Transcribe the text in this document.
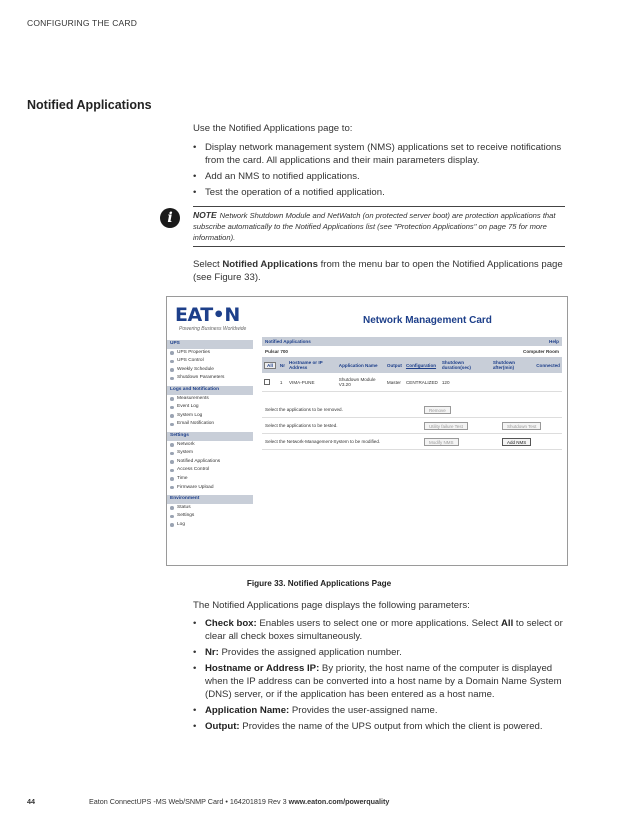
CONFIGURING THE CARD
Notified Applications

Use the Notified Applications page to:

• Display network management system (NMS) applications set to receive notifications from the card. All applications and their main parameters display.
• Add an NMS to notified applications.
• Test the operation of a notified application.
i	NOTE Network Shutdown Module and NetWatch (on protected server boot) are protection applications that subscribe automatically to the Notified Applications list (see "Protection Applications" on page 75 for more information).

Select Notified Applications from the menu bar to open the Notified Applications page (see Figure 33).

EAT•N
Powering Business Worldwide
Network Management Card
UPS
UPS Properties
UPS Control
Weekly Schedule
Shutdown Parameters
Logs and Notification
Measurements
Event Log
System Log
Email Notification
Settings
Network
System
Notified Applications
Access Control
Time
Firmware Upload
Environment
Status
Settings
Log
Notified Applications	Help
Pulsar 700	Computer Room
All	Nr	Hostname or IP Address	Application Name	Output	Configuration	Shutdown duration(sec)	Shutdown after(min)	Connected
	1	VIMA-PUNE	Shutdown Module V3.20	Master	CENTRALIZED	120		
Select the applications to be removed.	Remove
Select the applications to be tested.	Utility failure Test	Shutdown Test
Select the Network-Management-System to be modified.	Modify NMS	Add NMS
Figure 33. Notified Applications Page

The Notified Applications page displays the following parameters:

• Check box: Enables users to select one or more applications. Select All to select or clear all check boxes simultaneously.
• Nr: Provides the assigned application number.
• Hostname or Address IP: By priority, the host name of the computer is displayed when the IP address can be converted into a host name by a Domain Name System (DNS) server, or if the application has been entered as a host name.
• Application Name: Provides the user-assigned name.
• Output: Provides the name of the UPS output from which the client is powered.
44	Eaton ConnectUPS -MS Web/SNMP Card • 164201819 Rev 3 www.eaton.com/powerquality
